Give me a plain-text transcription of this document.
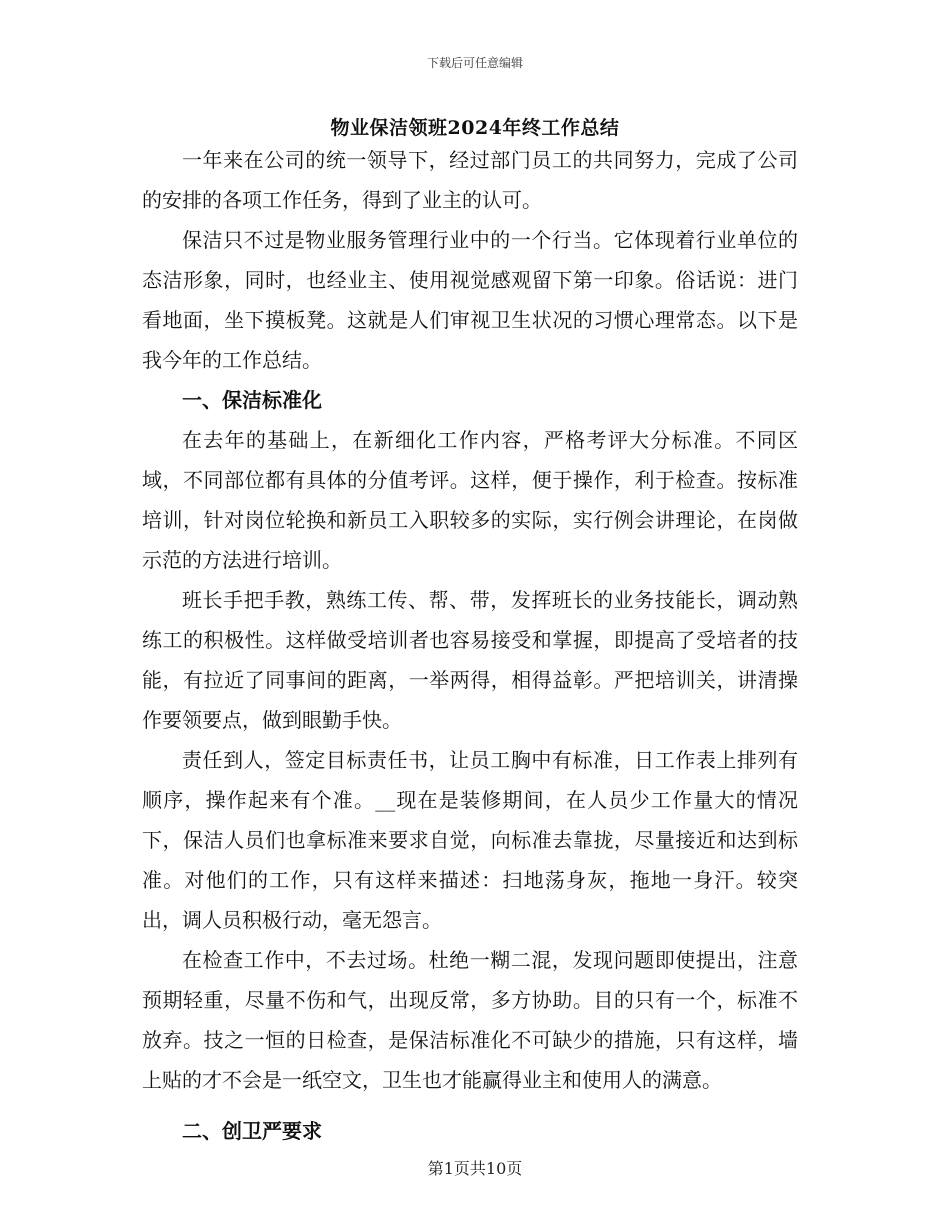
下载后可任意编辑
物业保洁领班2024年终工作总结

一年来在公司的统一领导下，经过部门员工的共同努力，完成了公司的安排的各项工作任务，得到了业主的认可。

保洁只不过是物业服务管理行业中的一个行当。它体现着行业单位的态洁形象，同时，也经业主、使用视觉感观留下第一印象。俗话说：进门看地面，坐下摸板凳。这就是人们审视卫生状况的习惯心理常态。以下是我今年的工作总结。

一、保洁标准化

在去年的基础上，在新细化工作内容，严格考评大分标准。不同区域，不同部位都有具体的分值考评。这样，便于操作，利于检查。按标准培训，针对岗位轮换和新员工入职较多的实际，实行例会讲理论，在岗做示范的方法进行培训。

班长手把手教，熟练工传、帮、带，发挥班长的业务技能长，调动熟练工的积极性。这样做受培训者也容易接受和掌握，即提高了受培者的技能，有拉近了同事间的距离，一举两得，相得益彰。严把培训关，讲清操作要领要点，做到眼勤手快。

责任到人，签定目标责任书，让员工胸中有标准，日工作表上排列有顺序，操作起来有个准。__现在是装修期间，在人员少工作量大的情况下，保洁人员们也拿标准来要求自觉，向标准去靠拢，尽量接近和达到标准。对他们的工作，只有这样来描述：扫地荡身灰，拖地一身汗。较突出，调人员积极行动，毫无怨言。

在检查工作中，不去过场。杜绝一糊二混，发现问题即使提出，注意预期轻重，尽量不伤和气，出现反常，多方协助。目的只有一个，标准不放弃。技之一恒的日检查，是保洁标准化不可缺少的措施，只有这样，墙上贴的才不会是一纸空文，卫生也才能赢得业主和使用人的满意。

二、创卫严要求

第1页共10页
